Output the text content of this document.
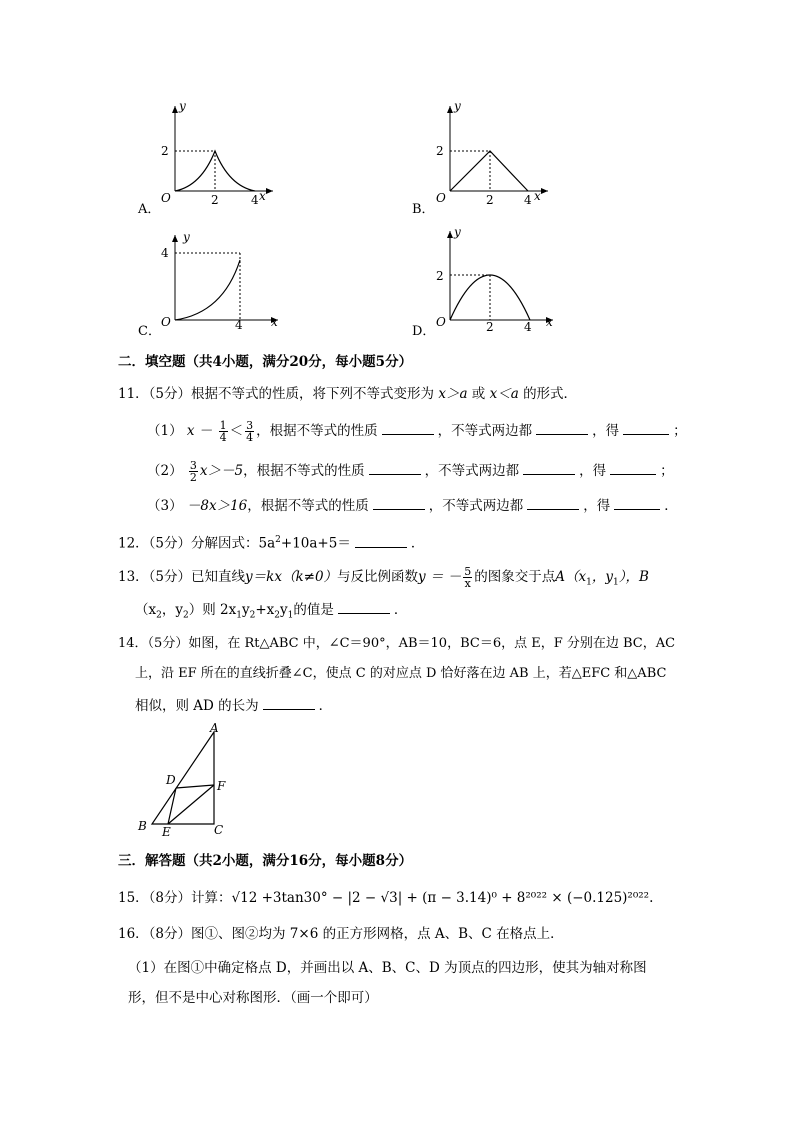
x
y
O
2
2	4
A．
x
y
O
2
2	4
B．
x
y
O
4
4
C．
x
y
O
2
2	4
D．
二．填空题（共4小题，满分20分，每小题5分）
11．（5分）根据不等式的性质，将下列不等式变形为 x＞a 或 x＜a 的形式．
（1） $x - \frac{1}{4} < \frac{3}{4}$ ，根据不等式的性质	，不等式两边都	，得	；
$(2) \frac{3}{2} x>-5$，根据不等式的性质	，不等式两边都	，得	；
（3） －8x＞16，根据不等式的性质	，不等式两边都	，得	．
12．（5分）分解因式：$5a^2+10a+5=$	．
13．（5分）已知直线y＝kx（k≠0）与反比例函数y ＝ － $\frac{5}{x}$ 的图象交于点$A(x_1$，$y_1$），B
（$x_2$，$y_2$）则 $2x_1y_2+x_2y_1$的值是	．
14．（5分）如图，在 Rt△ABC 中，∠C＝90°，AB＝10，BC＝6，点 E，F 分别在边 BC，AC
上，沿 EF 所在的直线折叠∠C，使点 C 的对应点 D 恰好落在边 AB 上，若△EFC 和△ABC
相似，则 AD 的长为	．
A
B	C
D
E
F
三．解答题（共2小题，满分16分，每小题8分）
15．（8分）计算：√12 +3tan30° − |2 − √3| + (π − 3.14)⁰ + 8²⁰²² × (−0.125)²⁰²².
16．（8分）图①、图②均为 7×6 的正方形网格，点 A、B、C 在格点上．
（1）在图①中确定格点 D，并画出以 A、B、C、D 为顶点的四边形，使其为轴对称图
形，但不是中心对称图形．（画一个即可）
